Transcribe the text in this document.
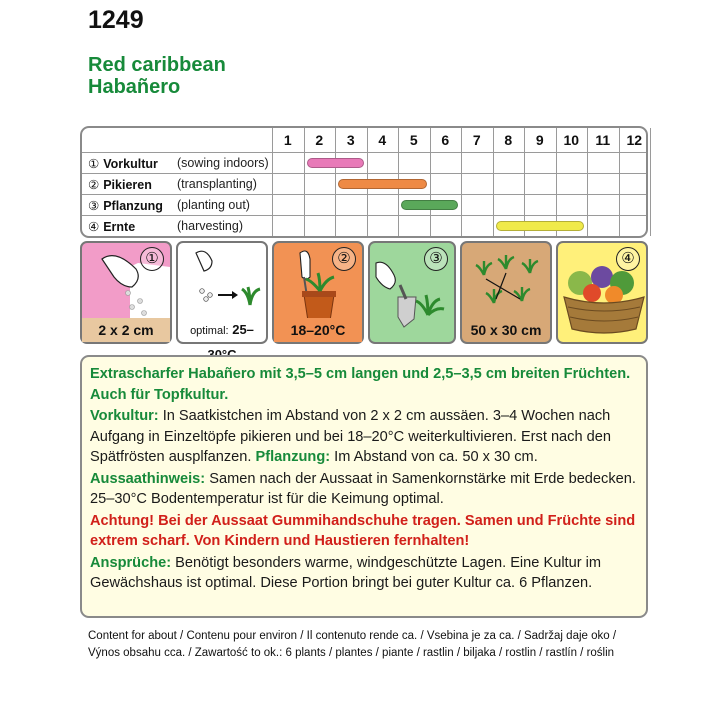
1249
Red caribbean
Habañero
1	2	3	4	5	6	7	8	9	10	11	12
① Vorkultur (sowing indoors)
② Pikieren (transplanting)
③ Pflanzung (planting out)
④ Ernte	(harvesting)
①
2 x 2 cm	optimal: 25–
②
18–20°C
③
50 x 30 cm
④

Extrascharfer Habañero mit 3,5–5 cm langen und 2,5–3,5 cm breiten Früchten. Auch für Topfkultur.

Vorkultur: In Saatkistchen im Abstand von 2 x 2 cm aussäen. 3–4 Wochen nach Aufgang in Einzeltöpfe pikieren und bei 18–20°C weiterkultivieren. Erst nach den Spätfrösten ausplfanzen. Pflanzung: Im Abstand von ca. 50 x 30 cm.

Aussaathinweis: Samen nach der Aussaat in Samenkornstärke mit Erde bedecken. 25–30°C Bodentemperatur ist für die Keimung optimal.

Achtung! Bei der Aussaat Gummihandschuhe tragen. Samen und Früchte sind extrem scharf. Von Kindern und Haustieren fernhalten!

Ansprüche: Benötigt besonders warme, windgeschützte Lagen. Eine Kultur im Gewächshaus ist optimal. Diese Portion bringt bei guter Kultur ca. 6 Pflanzen.

Content for about / Contenu pour environ / Il contenuto rende ca. / Vsebina je za ca. / Sadržaj daje oko /
Výnos obsahu cca. / Zawartość to ok.: 6 plants / plantes / piante / rastlin / biljaka / rostlin / rastlín / roślin
